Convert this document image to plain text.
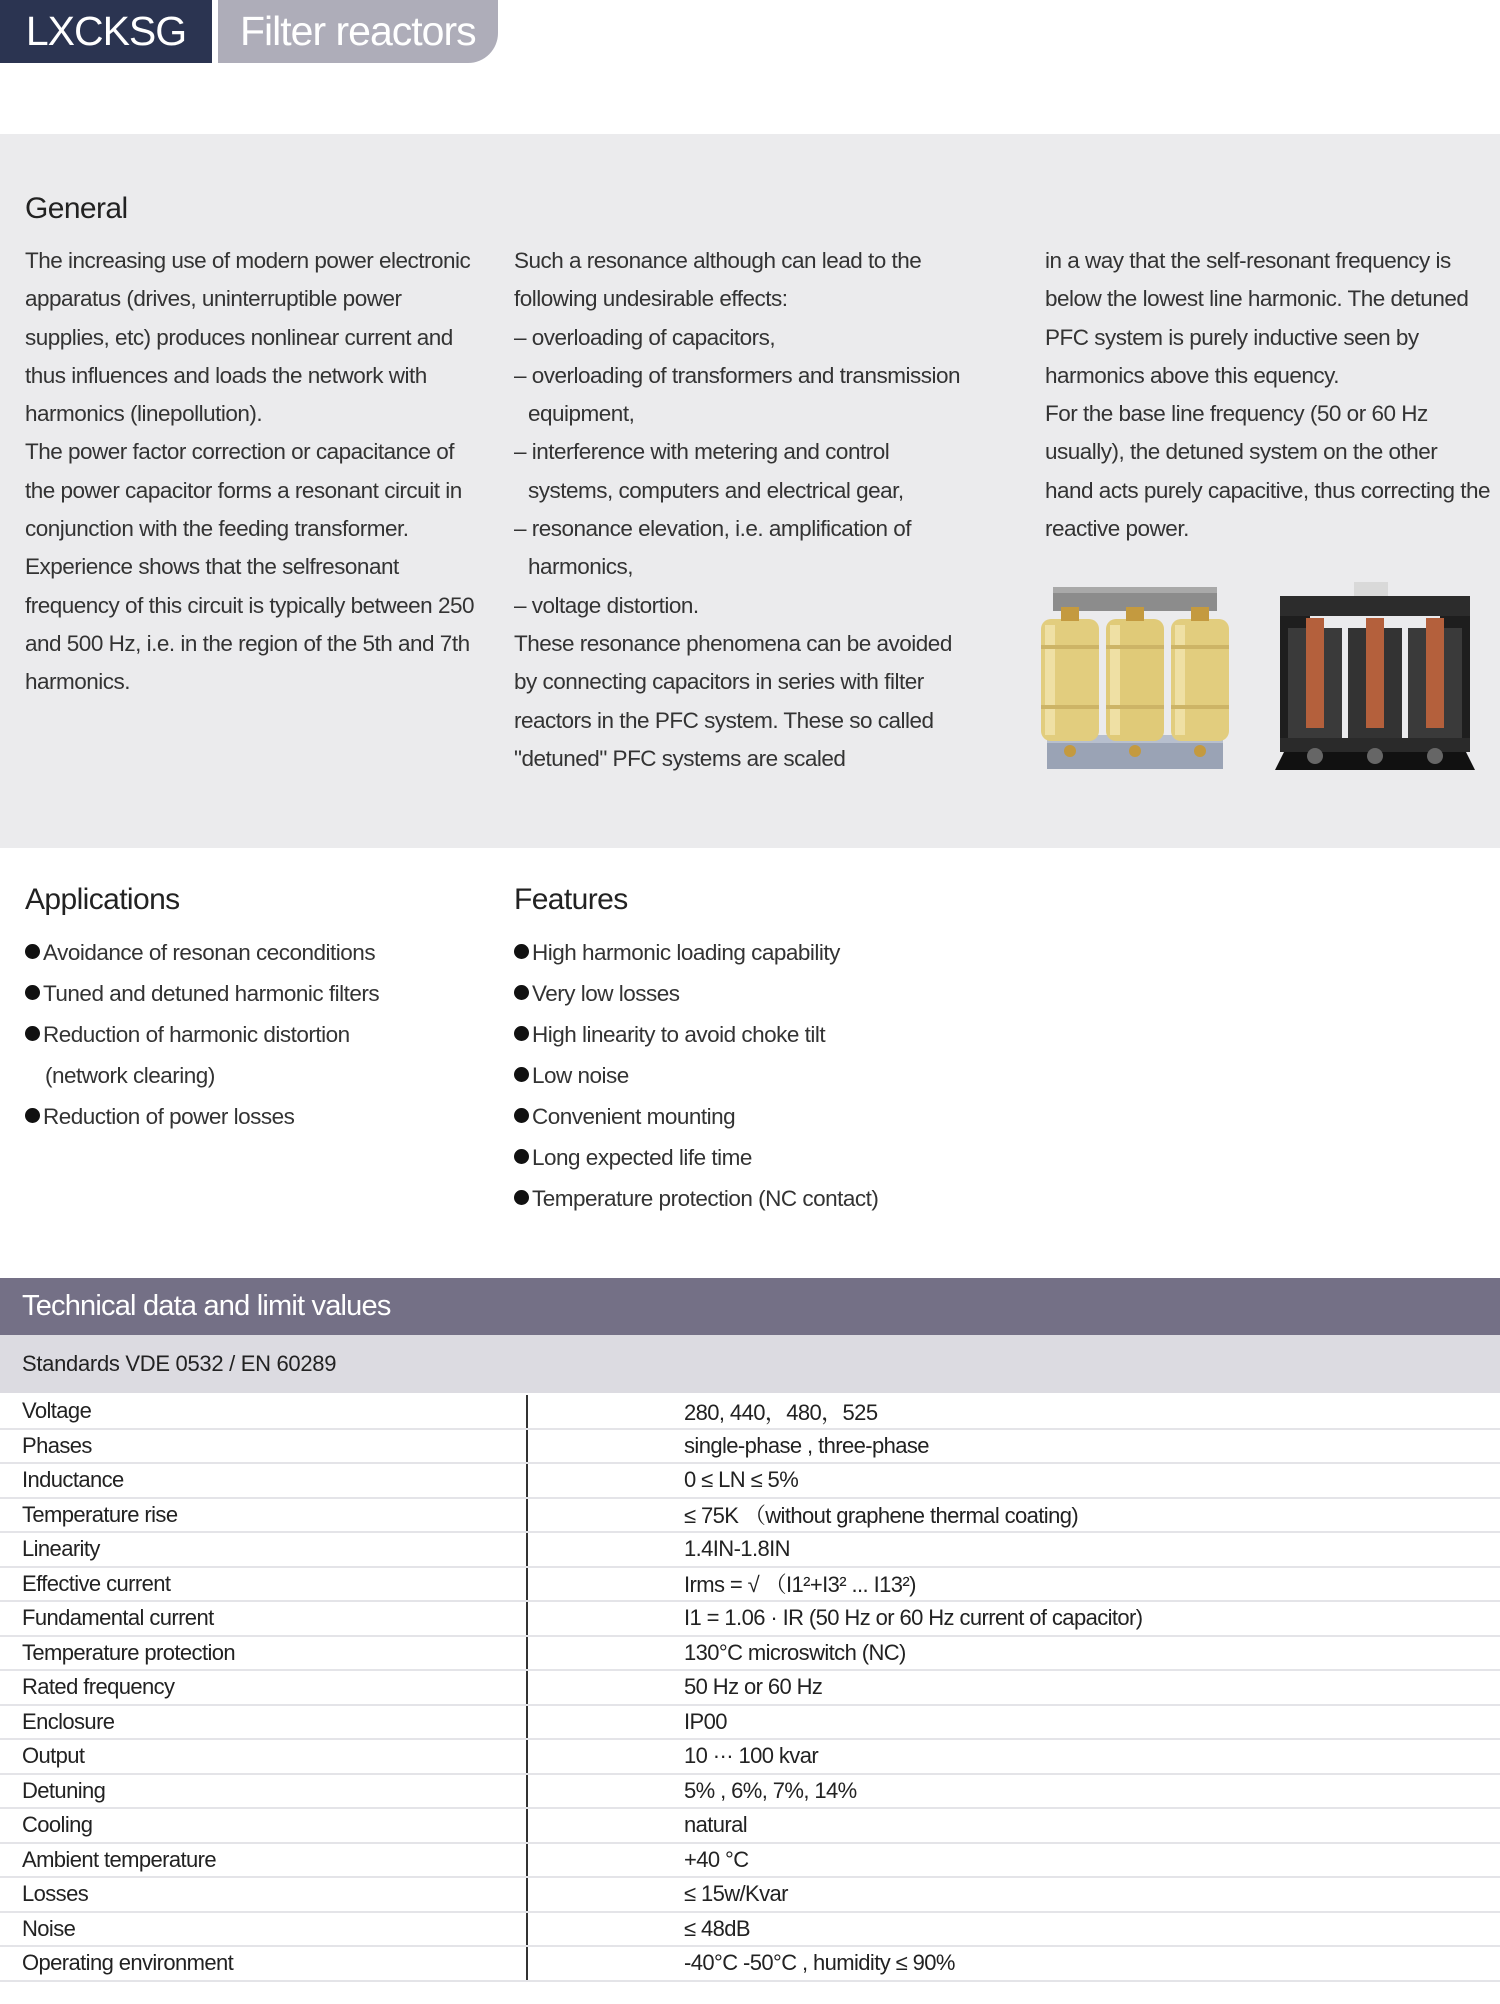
LXCKSG	Filter reactors
General
The increasing use of modern power electronic
apparatus (drives, uninterruptible power
supplies, etc) produces nonlinear current and
thus influences and loads the network with
harmonics (linepollution).
The power factor correction or capacitance of
the power capacitor forms a resonant circuit in
conjunction with the feeding transformer.
Experience shows that the selfresonant
frequency of this circuit is typically between 250
and 500 Hz, i.e. in the region of the 5th and 7th
harmonics.
Such a resonance although can lead to the
following undesirable effects:
– overloading of capacitors,
– overloading of transformers and transmission
equipment,
– interference with metering and control
systems, computers and electrical gear,
– resonance elevation, i.e. amplification of
harmonics,
– voltage distortion.
These resonance phenomena can be avoided
by connecting capacitors in series with filter
reactors in the PFC system. These so called
"detuned" PFC systems are scaled
in a way that the self-resonant frequency is
below the lowest line harmonic. The detuned
PFC system is purely inductive seen by
harmonics above this equency.
For the base line frequency (50 or 60 Hz
usually), the detuned system on the other
hand acts purely capacitive, thus correcting the
reactive power.
Applications
Avoidance of resonan ceconditions
Tuned and detuned harmonic filters
Reduction of harmonic distortion
(network clearing)
Reduction of power losses
Features
High harmonic loading capability
Very low losses
High linearity to avoid choke tilt
Low noise
Convenient mounting
Long expected life time
Temperature protection (NC contact)
Technical data and limit values
Standards VDE 0532 / EN 60289
Voltage	280, 440，480，525
Phases	single-phase , three-phase
Inductance	0 ≤ LN ≤ 5%
Temperature rise	≤ 75K （without graphene thermal coating)
Linearity	1.4IN-1.8IN
Effective current	Irms = √ （I1²+I3² ... I13²)
Fundamental current	I1 = 1.06 · IR (50 Hz or 60 Hz current of capacitor)
Temperature protection	130°C microswitch (NC)
Rated frequency	50 Hz or 60 Hz
Enclosure	IP00
Output	10 ··· 100 kvar
Detuning	5% , 6%, 7%, 14%
Cooling	natural
Ambient temperature	+40 °C
Losses	≤ 15w/Kvar
Noise	≤ 48dB
Operating environment	-40°C -50°C , humidity ≤ 90%
